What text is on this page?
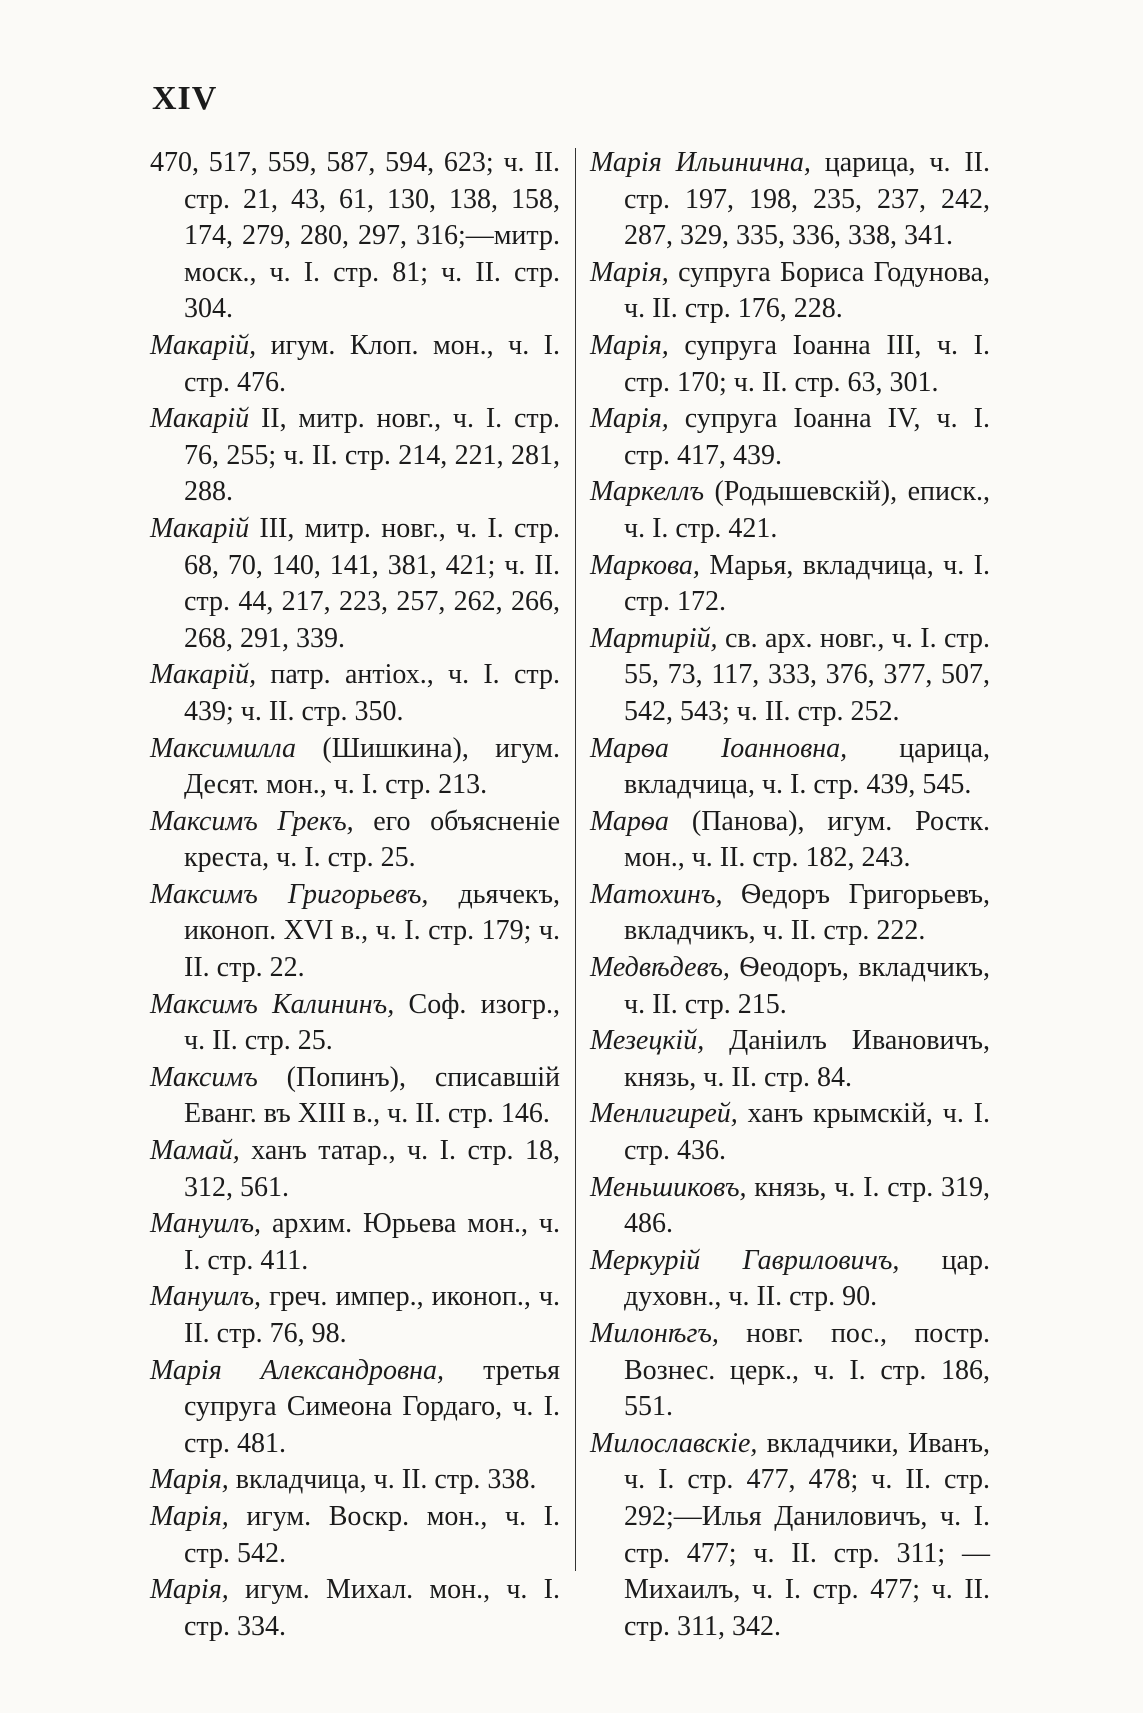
XIV

470, 517, 559, 587, 594, 623; ч. II. стр. 21, 43, 61, 130, 138, 158, 174, 279, 280, 297, 316;—митр. моск., ч. I. стр. 81; ч. II. стр. 304.

Макарій, игум. Клоп. мон., ч. I. стр. 476.

Макарій II, митр. новг., ч. I. стр. 76, 255; ч. II. стр. 214, 221, 281, 288.

Макарій III, митр. новг., ч. I. стр. 68, 70, 140, 141, 381, 421; ч. II. стр. 44, 217, 223, 257, 262, 266, 268, 291, 339.

Макарій, патр. антіох., ч. I. стр. 439; ч. II. стр. 350.

Максимилла (Шишкина), игум. Десят. мон., ч. I. стр. 213.

Максимъ Грекъ, его объясненіе креста, ч. I. стр. 25.

Максимъ Григорьевъ, дьячекъ, иконоп. XVI в., ч. I. стр. 179; ч. II. стр. 22.

Максимъ Калининъ, Соф. изогр., ч. II. стр. 25.

Максимъ (Попинъ), списавшій Еванг. въ XIII в., ч. II. стр. 146.

Мамай, ханъ татар., ч. I. стр. 18, 312, 561.

Мануилъ, архим. Юрьева мон., ч. I. стр. 411.

Мануилъ, греч. импер., иконоп., ч. II. стр. 76, 98.

Марія Александровна, третья супруга Симеона Гордаго, ч. I. стр. 481.

Марія, вкладчица, ч. II. стр. 338.

Марія, игум. Воскр. мон., ч. I. стр. 542.

Марія, игум. Михал. мон., ч. I. стр. 334.

Марія Ильинична, царица, ч. II. стр. 197, 198, 235, 237, 242, 287, 329, 335, 336, 338, 341.

Марія, супруга Бориса Годунова, ч. II. стр. 176, 228.

Марія, супруга Іоанна III, ч. I. стр. 170; ч. II. стр. 63, 301.

Марія, супруга Іоанна IV, ч. I. стр. 417, 439.

Маркеллъ (Родышевскій), еписк., ч. I. стр. 421.

Маркова, Марья, вкладчица, ч. I. стр. 172.

Мартирій, св. арх. новг., ч. I. стр. 55, 73, 117, 333, 376, 377, 507, 542, 543; ч. II. стр. 252.

Марѳа Іоанновна, царица, вкладчица, ч. I. стр. 439, 545.

Марѳа (Панова), игум. Ростк. мон., ч. II. стр. 182, 243.

Матохинъ, Ѳедоръ Григорьевъ, вкладчикъ, ч. II. стр. 222.

Медвѣдевъ, Ѳеодоръ, вкладчикъ, ч. II. стр. 215.

Мезецкій, Даніилъ Ивановичъ, князь, ч. II. стр. 84.

Менлигирей, ханъ крымскій, ч. I. стр. 436.

Меньшиковъ, князь, ч. I. стр. 319, 486.

Меркурій Гавриловичъ, цар. духовн., ч. II. стр. 90.

Милонѣгъ, новг. пос., постр. Вознес. церк., ч. I. стр. 186, 551.

Милославскіе, вкладчики, Иванъ, ч. I. стр. 477, 478; ч. II. стр. 292;—Илья Даниловичъ, ч. I. стр. 477; ч. II. стр. 311; — Михаилъ, ч. I. стр. 477; ч. II. стр. 311, 342.
